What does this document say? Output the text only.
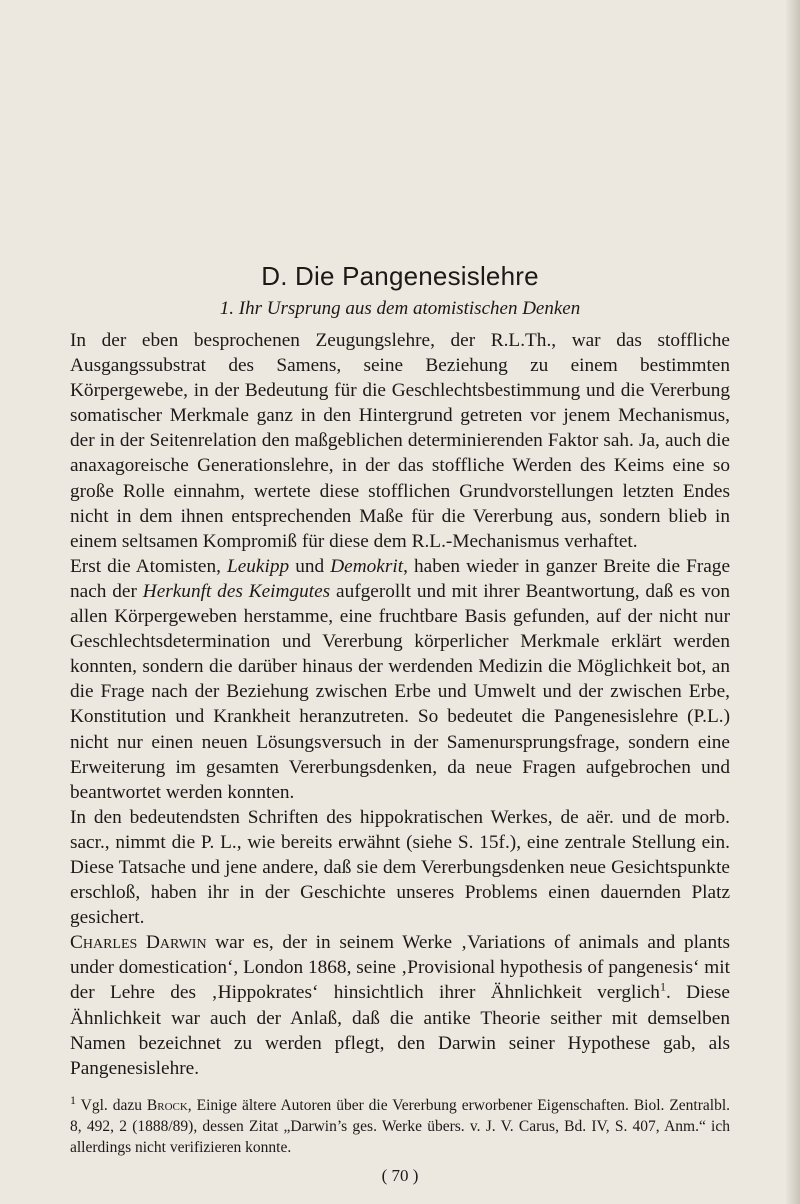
D. Die Pangenesislehre
1. Ihr Ursprung aus dem atomistischen Denken

In der eben besprochenen Zeugungslehre, der R.L.Th., war das stoffliche Ausgangssubstrat des Samens, seine Beziehung zu einem bestimmten Körpergewebe, in der Bedeutung für die Geschlechtsbestimmung und die Vererbung somatischer Merkmale ganz in den Hintergrund getreten vor jenem Mechanismus, der in der Seitenrelation den maßgeblichen determinierenden Faktor sah. Ja, auch die anaxagoreische Generationslehre, in der das stoffliche Werden des Keims eine so große Rolle einnahm, wertete diese stofflichen Grundvorstellungen letzten Endes nicht in dem ihnen entsprechenden Maße für die Vererbung aus, sondern blieb in einem seltsamen Kompromiß für diese dem R.L.-Mechanismus verhaftet.

Erst die Atomisten, Leukipp und Demokrit, haben wieder in ganzer Breite die Frage nach der Herkunft des Keimgutes aufgerollt und mit ihrer Beantwortung, daß es von allen Körpergeweben herstamme, eine fruchtbare Basis gefunden, auf der nicht nur Geschlechtsdetermination und Vererbung körperlicher Merkmale erklärt werden konnten, sondern die darüber hinaus der werdenden Medizin die Möglichkeit bot, an die Frage nach der Beziehung zwischen Erbe und Umwelt und der zwischen Erbe, Konstitution und Krankheit heranzutreten. So bedeutet die Pangenesislehre (P.L.) nicht nur einen neuen Lösungsversuch in der Samenursprungsfrage, sondern eine Erweiterung im gesamten Vererbungsdenken, da neue Fragen aufgebrochen und beantwortet werden konnten.

In den bedeutendsten Schriften des hippokratischen Werkes, de aër. und de morb. sacr., nimmt die P. L., wie bereits erwähnt (siehe S. 15f.), eine zentrale Stellung ein. Diese Tatsache und jene andere, daß sie dem Vererbungsdenken neue Gesichtspunkte erschloß, haben ihr in der Geschichte unseres Problems einen dauernden Platz gesichert.

Charles Darwin war es, der in seinem Werke ‚Variations of animals and plants under domestication‘, London 1868, seine ‚Provisional hypothesis of pangenesis‘ mit der Lehre des ‚Hippokrates‘ hinsichtlich ihrer Ähnlichkeit verglich$^1$. Diese Ähnlichkeit war auch der Anlaß, daß die antike Theorie seither mit demselben Namen bezeichnet zu werden pflegt, den Darwin seiner Hypothese gab, als Pangenesislehre.

$^1$ Vgl. dazu Brock, Einige ältere Autoren über die Vererbung erworbener Eigenschaften. Biol. Zentralbl. 8, 492, 2 (1888/89), dessen Zitat „Darwin’s ges. Werke übers. v. J. V. Carus, Bd. IV, S. 407, Anm.“ ich allerdings nicht verifizieren konnte.
( 70 )
